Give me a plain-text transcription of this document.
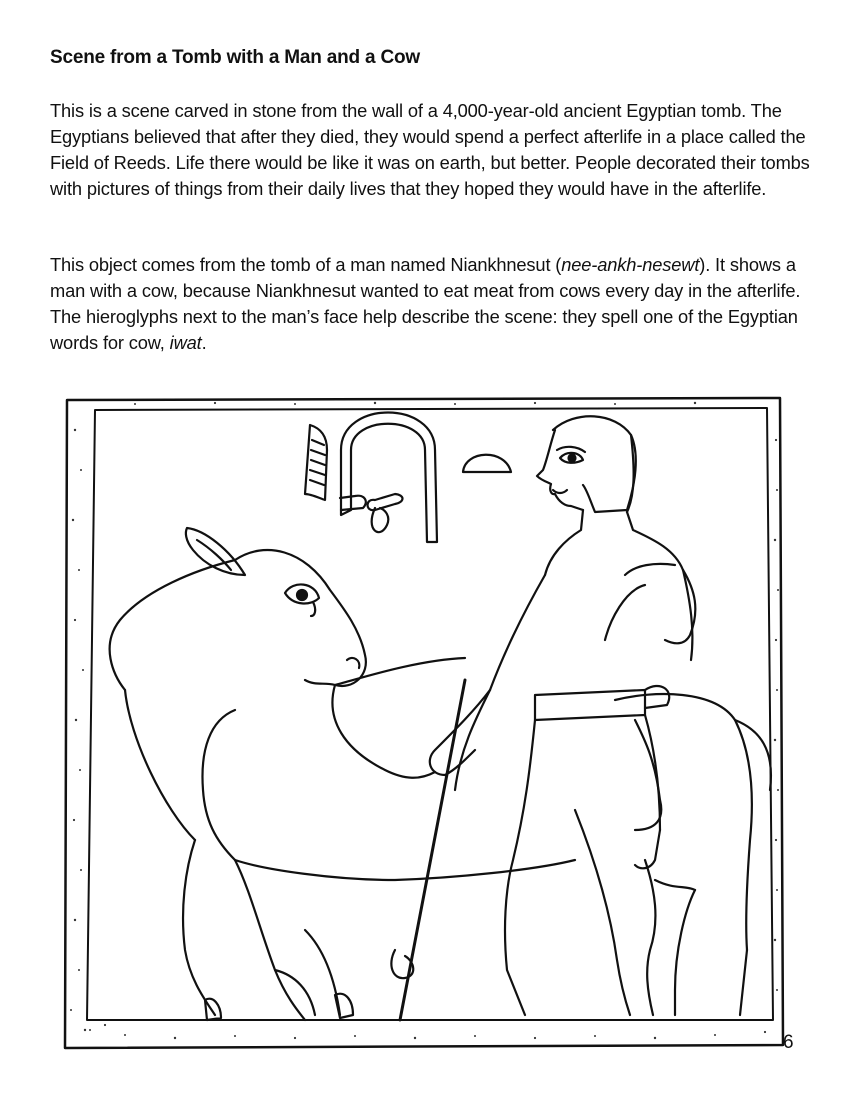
Scene from a Tomb with a Man and a Cow

This is a scene carved in stone from the wall of a 4,000-year-old ancient Egyptian tomb. The Egyptians believed that after they died, they would spend a perfect afterlife in a place called the Field of Reeds. Life there would be like it was on earth, but better. People decorated their tombs with pictures of things from their daily lives that they hoped they would have in the afterlife.

This object comes from the tomb of a man named Niankhnesut (nee-ankh-nesewt). It shows a man with a cow, because Niankhnesut wanted to eat meat from cows every day in the afterlife. The hieroglyphs next to the man’s face help describe the scene: they spell one of the Egyptian words for cow, iwat.

6
